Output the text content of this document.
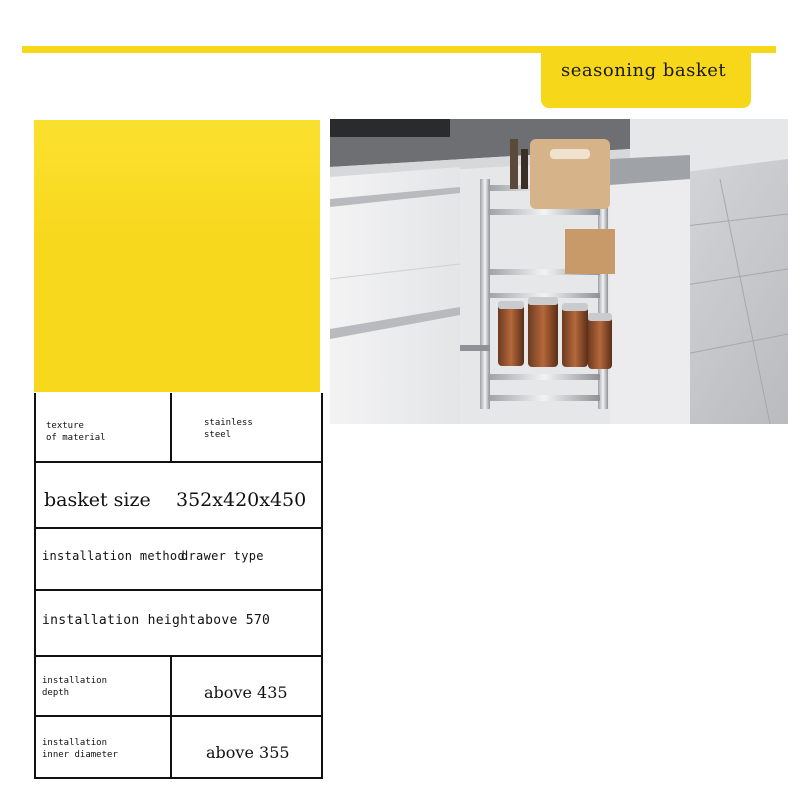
seasoning basket
texture
of material
stainless
steel
basket size 352x420x450
installation method
drawer type
installation height above 570
installation
depth	above 435
installation
inner diameter	above 355
